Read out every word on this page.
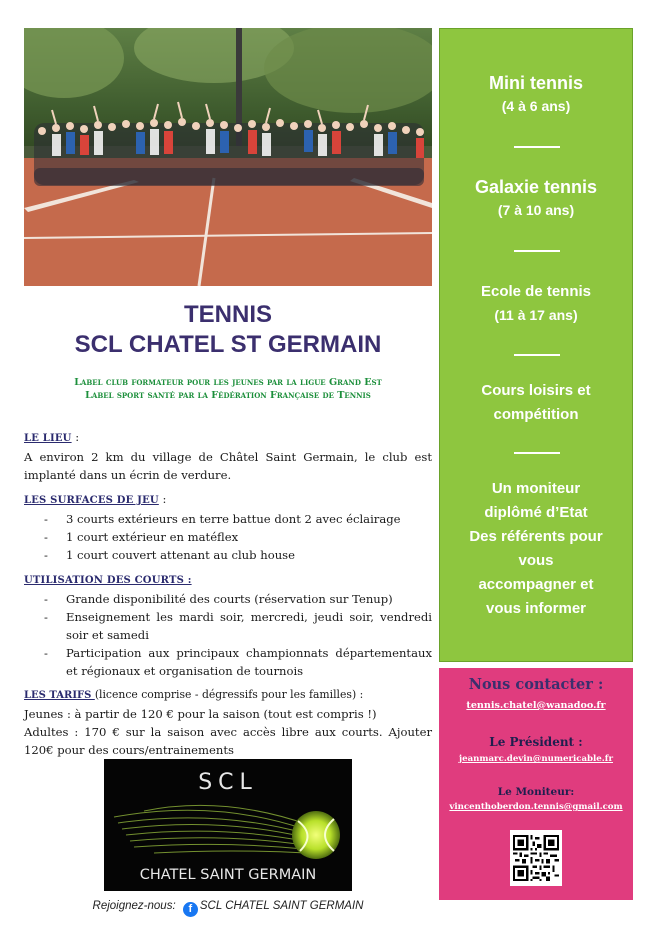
TENNIS
SCL CHATEL ST GERMAIN
Label club formateur pour les jeunes par la ligue Grand Est
Label sport santé par la Fédération Française de Tennis

LE LIEU :

A environ 2 km du village de Châtel Saint Germain, le club est implanté dans un écrin de verdure.

LES SURFACES DE JEU :

- 3 courts extérieurs en terre battue dont 2 avec éclairage
- 1 court extérieur en matéflex
- 1 court couvert attenant au club house

UTILISATION DES COURTS :

- Grande disponibilité des courts (réservation sur Tenup)
- Enseignement les mardi soir, mercredi, jeudi soir, vendredi soir et samedi
- Participation aux principaux championnats départementaux et régionaux et organisation de tournois

LES TARIFS (licence comprise - dégressifs pour les familles) :

Jeunes : à partir de 120 € pour la saison (tout est compris !)

Adultes : 170 € sur la saison avec accès libre aux courts. Ajouter 120€ pour des cours/entrainements

SCL
CHATEL SAINT GERMAIN
Rejoignez-nous: f SCL CHATEL SAINT GERMAIN
Mini tennis
(4 à 6 ans)
Galaxie tennis
(7 à 10 ans)
Ecole de tennis
(11 à 17 ans)
Cours loisirs et
compétition
Un moniteur
diplômé d’Etat
Des référents pour
vous
accompagner et
vous informer
Nous contacter :
tennis.chatel@wanadoo.fr
Le Président :
jeanmarc.devin@numericable.fr
Le Moniteur:
vincenthoberdon.tennis@gmail.com
